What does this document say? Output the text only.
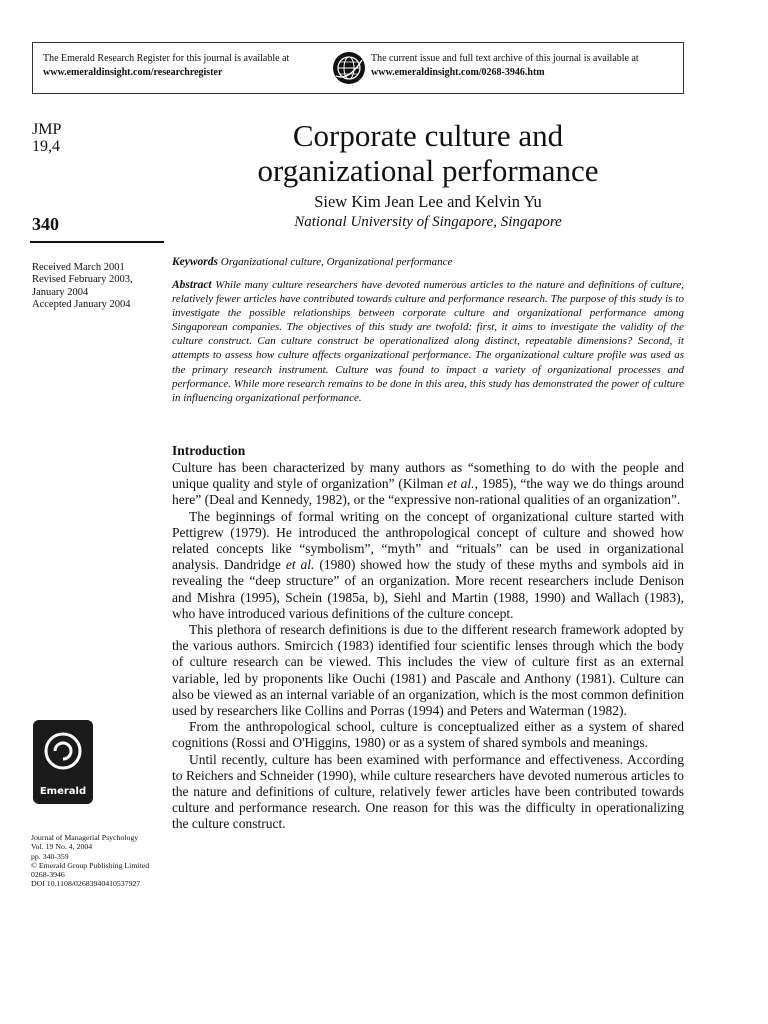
The Emerald Research Register for this journal is available at
www.emeraldinsight.com/researchregister
The current issue and full text archive of this journal is available at
www.emeraldinsight.com/0268-3946.htm
JMP
19,4
340
Received March 2001
Revised February 2003,
January 2004
Accepted January 2004
Corporate culture and
organizational performance
Siew Kim Jean Lee and Kelvin Yu
National University of Singapore, Singapore
Keywords Organizational culture, Organizational performance
Abstract While many culture researchers have devoted numerous articles to the nature and definitions of culture, relatively fewer articles have contributed towards culture and performance research. The purpose of this study is to investigate the possible relationships between corporate culture and organizational performance among Singaporean companies. The objectives of this study are twofold: first, it aims to investigate the validity of the culture construct. Can culture construct be operationalized along distinct, repeatable dimensions? Second, it attempts to assess how culture affects organizational performance. The organizational culture profile was used as the primary research instrument. Culture was found to impact a variety of organizational processes and performance. While more research remains to be done in this area, this study has demonstrated the power of culture in influencing organizational performance.
Introduction

Culture has been characterized by many authors as “something to do with the people and unique quality and style of organization” (Kilman et al., 1985), “the way we do things around here” (Deal and Kennedy, 1982), or the “expressive non-rational qualities of an organization”.

The beginnings of formal writing on the concept of organizational culture started with Pettigrew (1979). He introduced the anthropological concept of culture and showed how related concepts like “symbolism”, “myth” and “rituals” can be used in organizational analysis. Dandridge et al. (1980) showed how the study of these myths and symbols aid in revealing the “deep structure” of an organization. More recent researchers include Denison and Mishra (1995), Schein (1985a, b), Siehl and Martin (1988, 1990) and Wallach (1983), who have introduced various definitions of the culture concept.

This plethora of research definitions is due to the different research framework adopted by the various authors. Smircich (1983) identified four scientific lenses through which the body of culture research can be viewed. This includes the view of culture first as an external variable, led by proponents like Ouchi (1981) and Pascale and Anthony (1981). Culture can also be viewed as an internal variable of an organization, which is the most common definition used by researchers like Collins and Porras (1994) and Peters and Waterman (1982).

From the anthropological school, culture is conceptualized either as a system of shared cognitions (Rossi and O'Higgins, 1980) or as a system of shared symbols and meanings.

Until recently, culture has been examined with performance and effectiveness. According to Reichers and Schneider (1990), while culture researchers have devoted numerous articles to the nature and definitions of culture, relatively fewer articles have been contributed towards culture and performance research. One reason for this was the difficulty in operationalizing the culture construct.

Emerald
Journal of Managerial Psychology
Vol. 19 No. 4, 2004
pp. 340-359
© Emerald Group Publishing Limited
0268-3946
DOI 10.1108/02683940410537927
